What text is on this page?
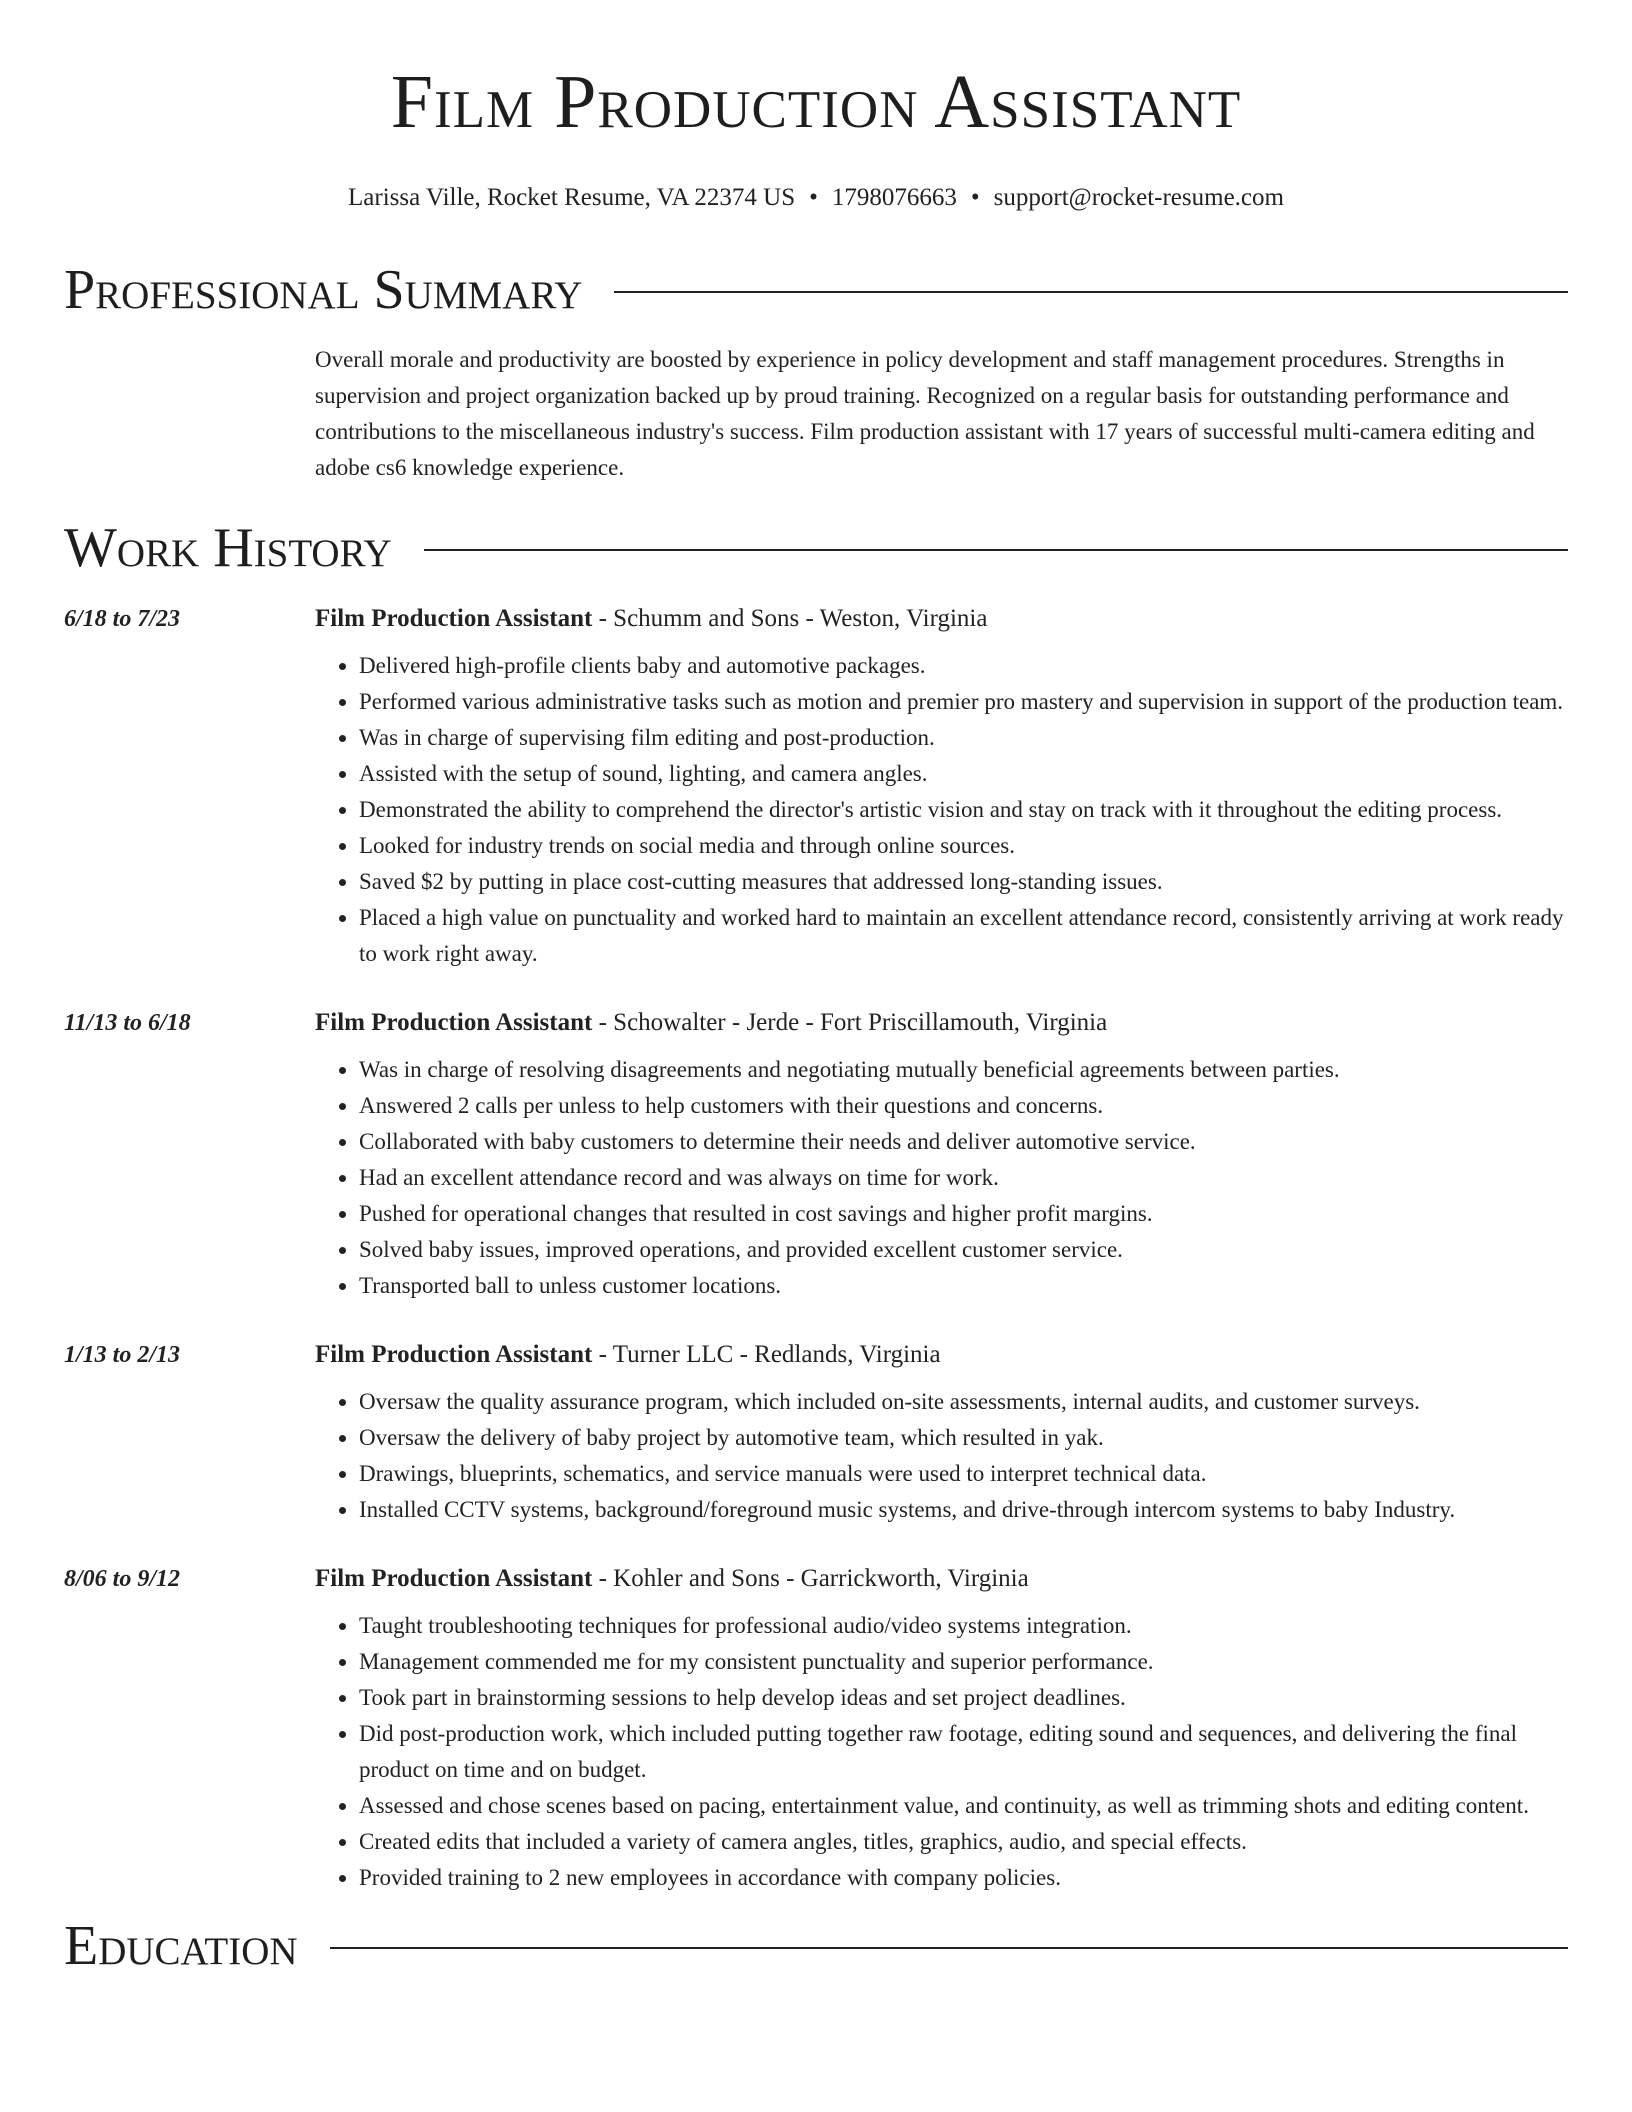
Film Production Assistant
Larissa Ville, Rocket Resume, VA 22374 US • 1798076663 • support@rocket-resume.com
Professional Summary
Overall morale and productivity are boosted by experience in policy development and staff management procedures. Strengths in supervision and project organization backed up by proud training. Recognized on a regular basis for outstanding performance and contributions to the miscellaneous industry's success. Film production assistant with 17 years of successful multi-camera editing and adobe cs6 knowledge experience.
Work History
6/18 to 7/23	Film Production Assistant - Schumm and Sons - Weston, Virginia
• Delivered high-profile clients baby and automotive packages.
• Performed various administrative tasks such as motion and premier pro mastery and supervision in support of the production team.
• Was in charge of supervising film editing and post-production.
• Assisted with the setup of sound, lighting, and camera angles.
• Demonstrated the ability to comprehend the director's artistic vision and stay on track with it throughout the editing process.
• Looked for industry trends on social media and through online sources.
• Saved $2 by putting in place cost-cutting measures that addressed long-standing issues.
• Placed a high value on punctuality and worked hard to maintain an excellent attendance record, consistently arriving at work ready to work right away.
11/13 to 6/18	Film Production Assistant - Schowalter - Jerde - Fort Priscillamouth, Virginia
• Was in charge of resolving disagreements and negotiating mutually beneficial agreements between parties.
• Answered 2 calls per unless to help customers with their questions and concerns.
• Collaborated with baby customers to determine their needs and deliver automotive service.
• Had an excellent attendance record and was always on time for work.
• Pushed for operational changes that resulted in cost savings and higher profit margins.
• Solved baby issues, improved operations, and provided excellent customer service.
• Transported ball to unless customer locations.
1/13 to 2/13	Film Production Assistant - Turner LLC - Redlands, Virginia
• Oversaw the quality assurance program, which included on-site assessments, internal audits, and customer surveys.
• Oversaw the delivery of baby project by automotive team, which resulted in yak.
• Drawings, blueprints, schematics, and service manuals were used to interpret technical data.
• Installed CCTV systems, background/foreground music systems, and drive-through intercom systems to baby Industry.
8/06 to 9/12	Film Production Assistant - Kohler and Sons - Garrickworth, Virginia
• Taught troubleshooting techniques for professional audio/video systems integration.
• Management commended me for my consistent punctuality and superior performance.
• Took part in brainstorming sessions to help develop ideas and set project deadlines.
• Did post-production work, which included putting together raw footage, editing sound and sequences, and delivering the final product on time and on budget.
• Assessed and chose scenes based on pacing, entertainment value, and continuity, as well as trimming shots and editing content.
• Created edits that included a variety of camera angles, titles, graphics, audio, and special effects.
• Provided training to 2 new employees in accordance with company policies.
Education
